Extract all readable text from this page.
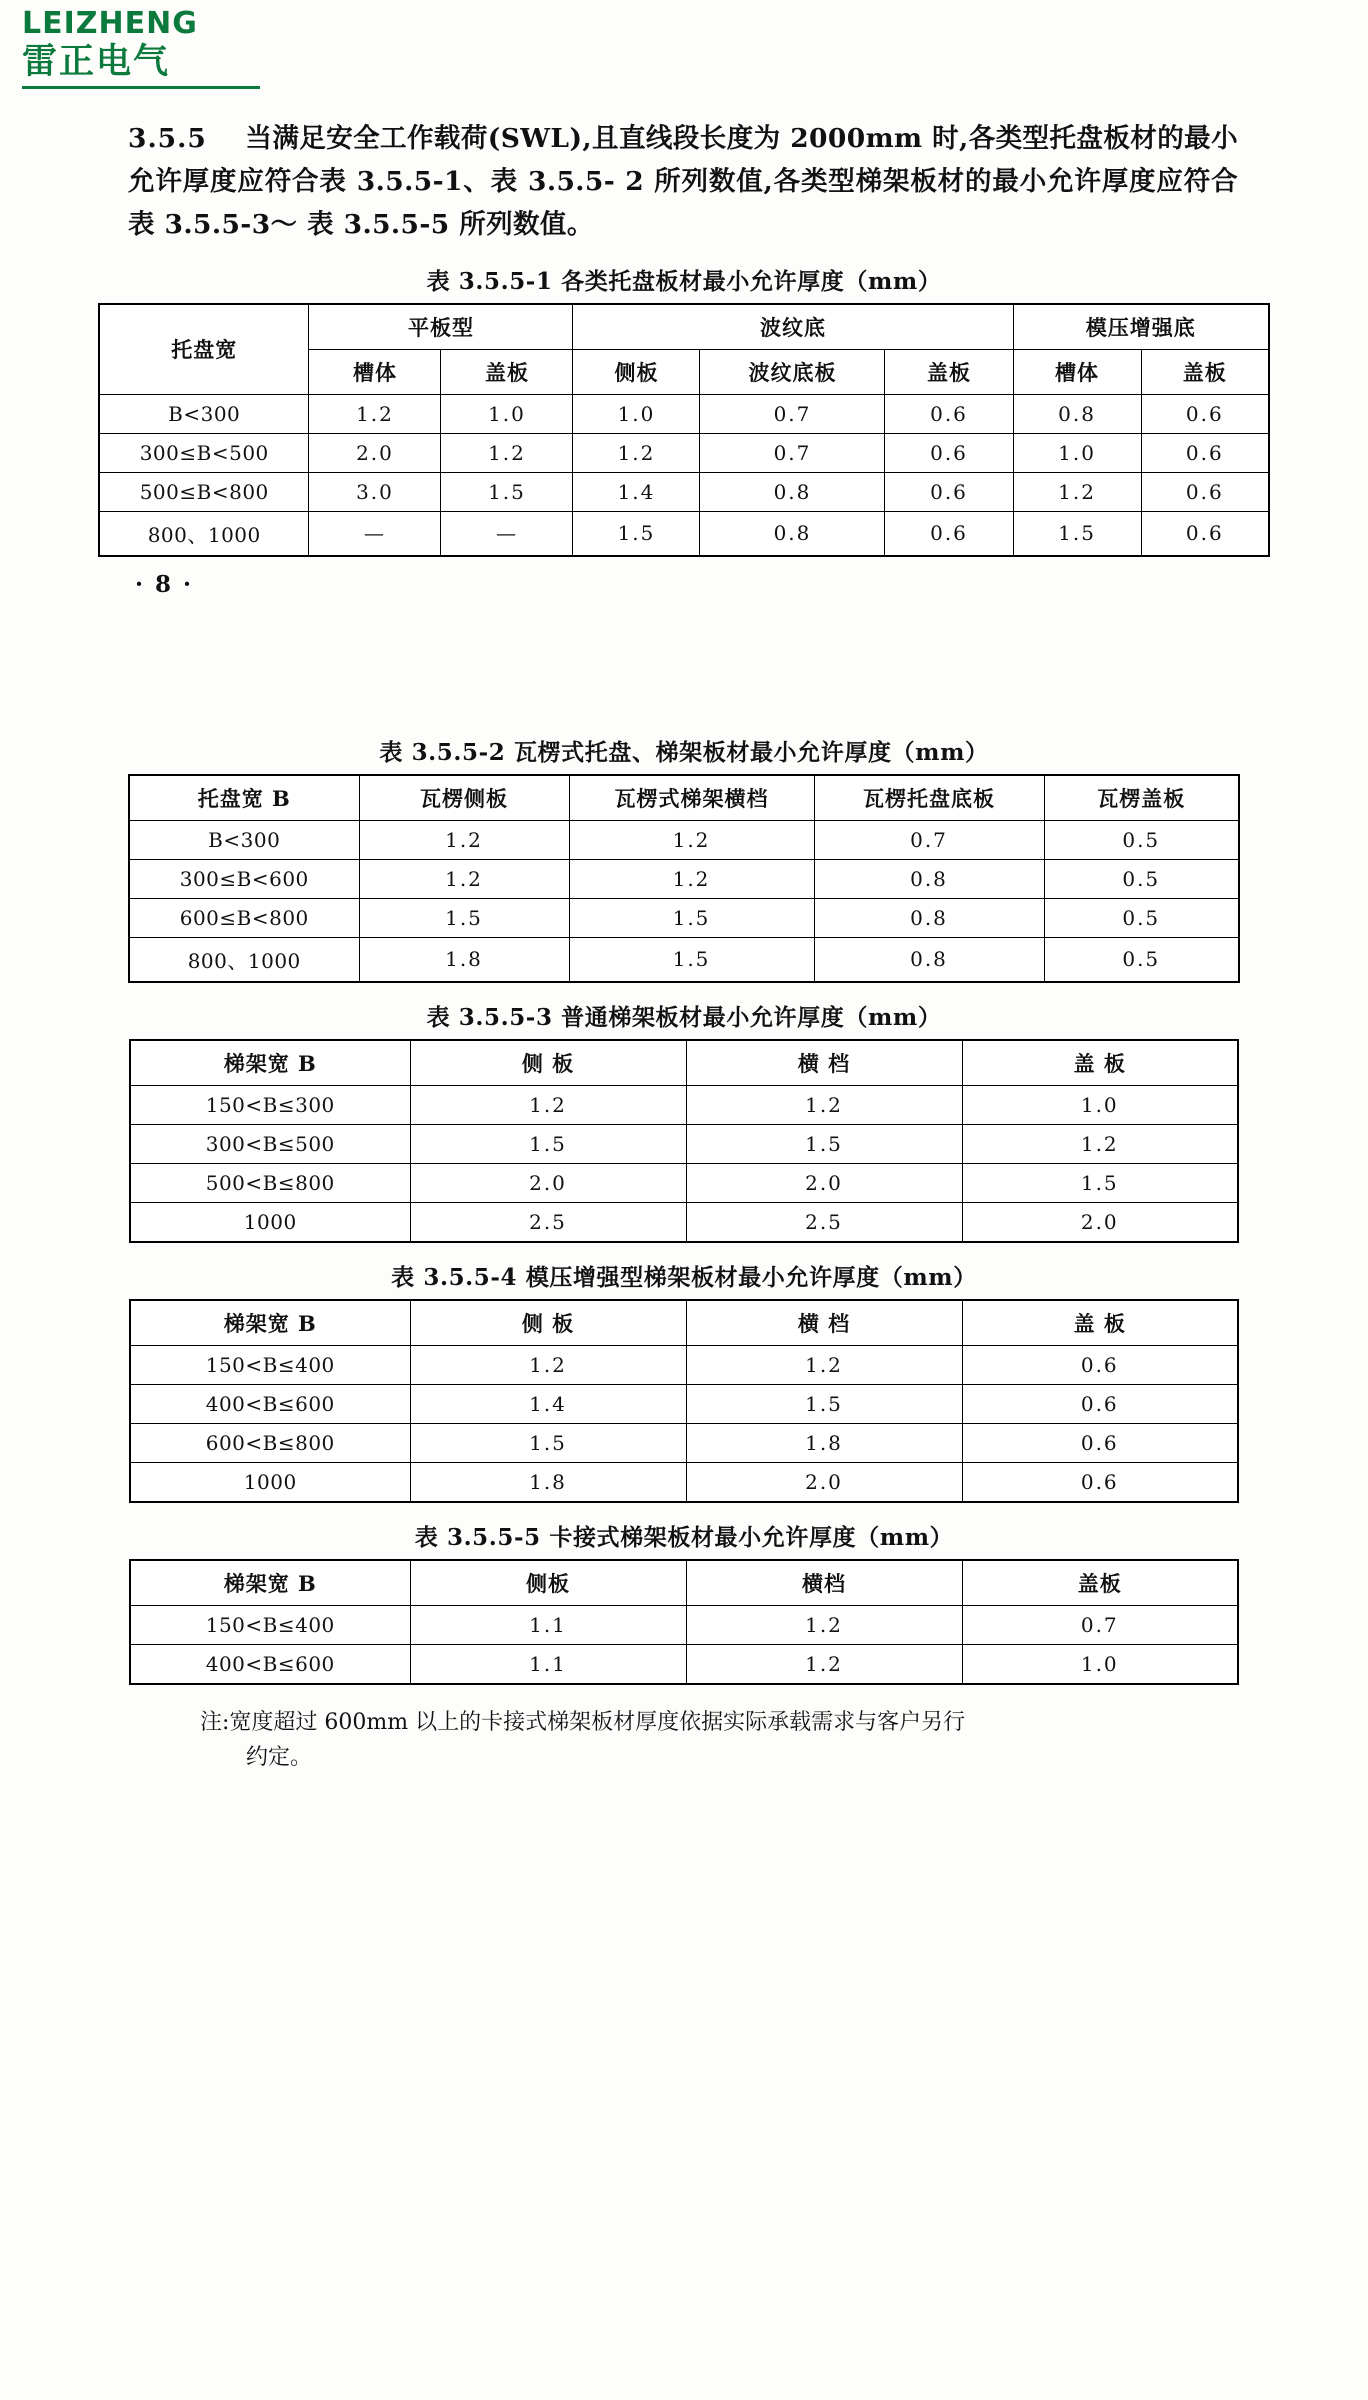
LEIZHENG
雷正电气
3.5.5 当满足安全工作载荷(SWL),且直线段长度为 2000mm 时,各类型托盘板材的最小允许厚度应符合表 3.5.5-1、表 3.5.5- 2 所列数值,各类型梯架板材的最小允许厚度应符合表 3.5.5-3～ 表 3.5.5-5 所列数值。
表 3.5.5-1 各类托盘板材最小允许厚度（mm）
托盘宽	平板型		波纹底			模压增强底	
	槽体	盖板	侧板	波纹底板	盖板	槽体	盖板
B<300	1.2	1.0	1.0	0.7	0.6	0.8	0.6
300≤B<500	2.0	1.2	1.2	0.7	0.6	1.0	0.6
500≤B<800	3.0	1.5	1.4	0.8	0.6	1.2	0.6
800、1000	—	—	1.5	0.8	0.6	1.5	0.6
· 8 ·
表 3.5.5-2 瓦楞式托盘、梯架板材最小允许厚度（mm）
托盘宽 B	瓦楞侧板	瓦楞式梯架横档	瓦楞托盘底板	瓦楞盖板
B<300	1.2	1.2	0.7	0.5
300≤B<600	1.2	1.2	0.8	0.5
600≤B<800	1.5	1.5	0.8	0.5
800、1000	1.8	1.5	0.8	0.5
表 3.5.5-3 普通梯架板材最小允许厚度（mm）
梯架宽 B	侧 板	横 档	盖 板
150<B≤300	1.2	1.2	1.0
300<B≤500	1.5	1.5	1.2
500<B≤800	2.0	2.0	1.5
1000	2.5	2.5	2.0
表 3.5.5-4 模压增强型梯架板材最小允许厚度（mm）
梯架宽 B	侧 板	横 档	盖 板
150<B≤400	1.2	1.2	0.6
400<B≤600	1.4	1.5	0.6
600<B≤800	1.5	1.8	0.6
1000	1.8	2.0	0.6
表 3.5.5-5 卡接式梯架板材最小允许厚度（mm）
梯架宽 B	侧板	横档	盖板
150<B≤400	1.1	1.2	0.7
400<B≤600	1.1	1.2	1.0
注:宽度超过 600mm 以上的卡接式梯架板材厚度依据实际承载需求与客户另行
约定。
